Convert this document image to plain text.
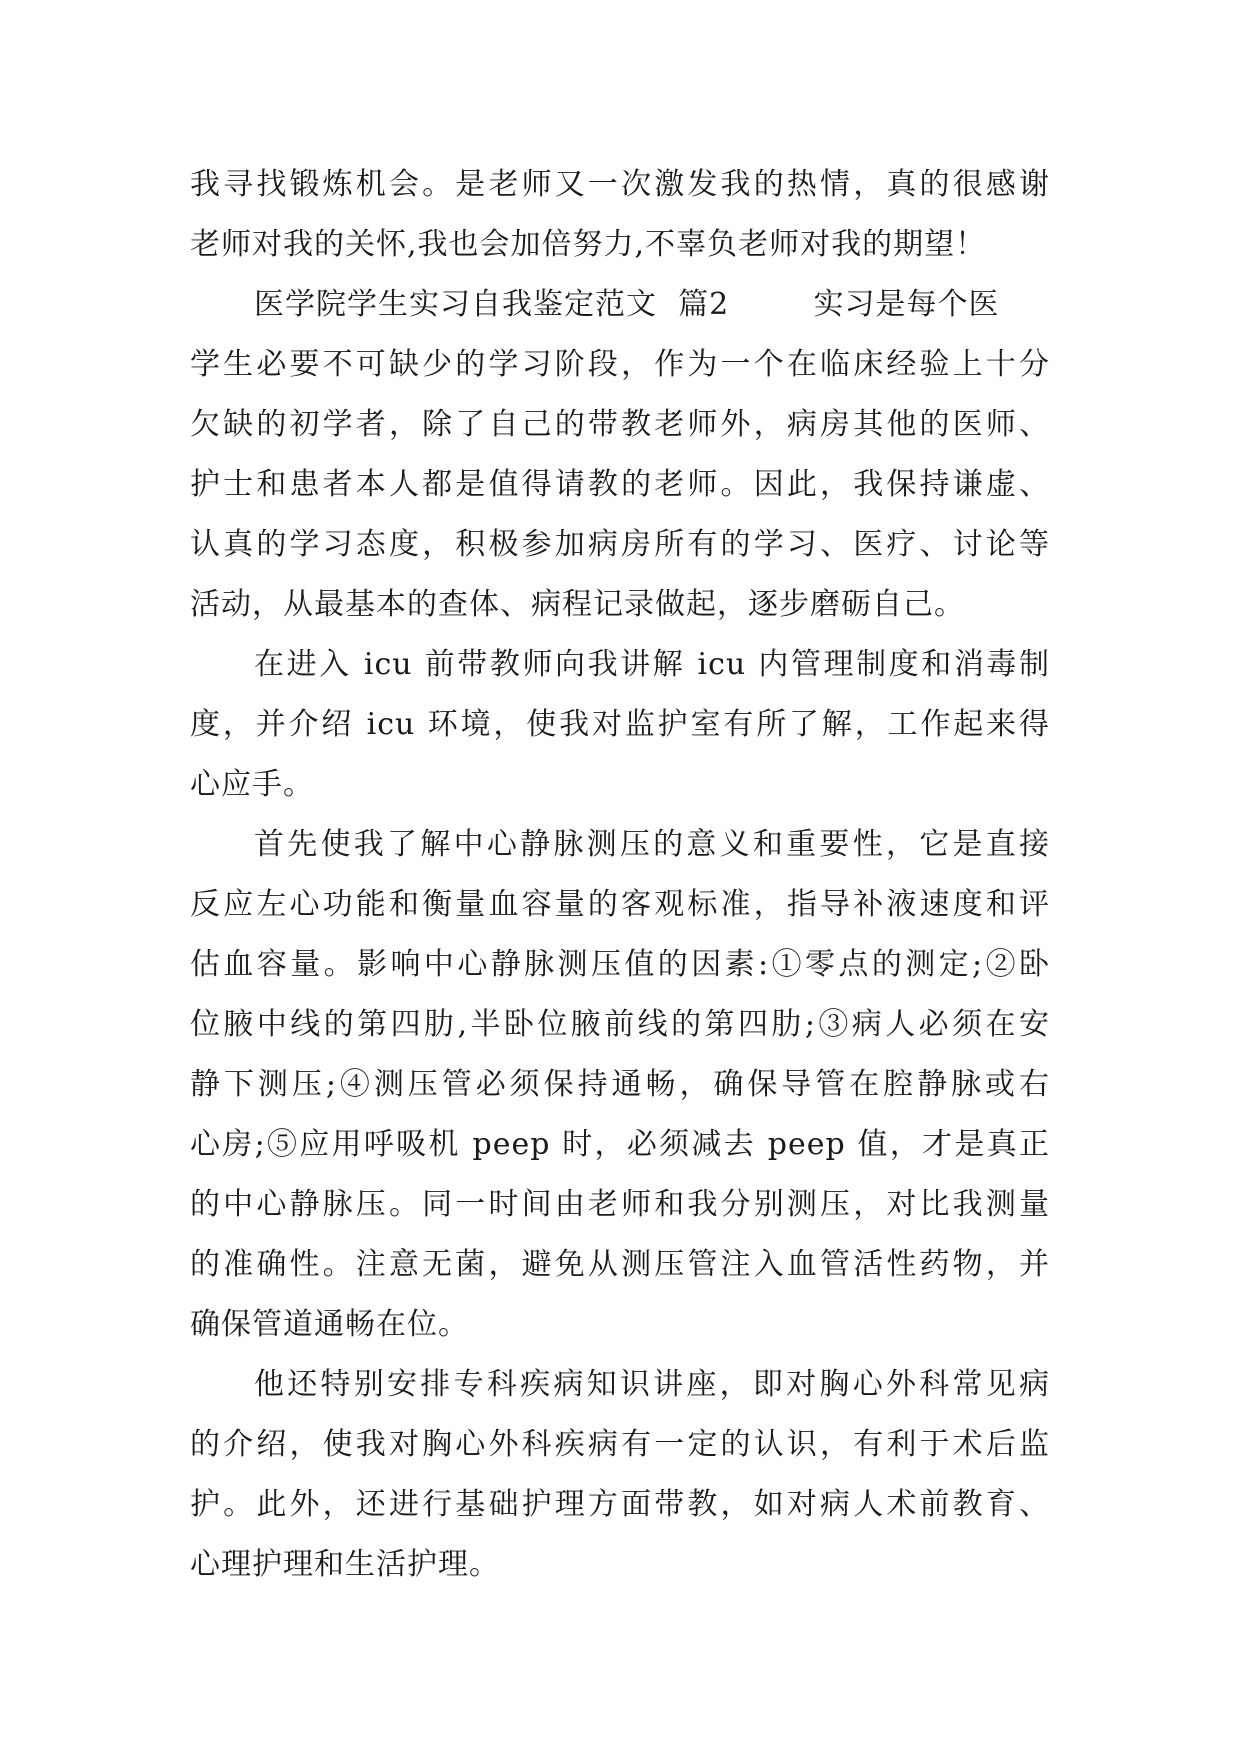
我寻找锻炼机会。是老师又一次激发我的热情，真的很感谢
老师对我的关怀,我也会加倍努力,不辜负老师对我的期望！
医学院学生实习自我鉴定范文  篇2        实习是每个医
学生必要不可缺少的学习阶段，作为一个在临床经验上十分
欠缺的初学者，除了自己的带教老师外，病房其他的医师、
护士和患者本人都是值得请教的老师。因此，我保持谦虚、
认真的学习态度，积极参加病房所有的学习、医疗、讨论等
活动，从最基本的查体、病程记录做起，逐步磨砺自己。
在进入 icu 前带教师向我讲解 icu 内管理制度和消毒制
度，并介绍 icu 环境，使我对监护室有所了解，工作起来得
心应手。
首先使我了解中心静脉测压的意义和重要性，它是直接
反应左心功能和衡量血容量的客观标准，指导补液速度和评
估血容量。影响中心静脉测压值的因素:①零点的测定;②卧
位腋中线的第四肋,半卧位腋前线的第四肋;③病人必须在安
静下测压;④测压管必须保持通畅，确保导管在腔静脉或右
心房;⑤应用呼吸机 peep 时，必须减去 peep 值，才是真正
的中心静脉压。同一时间由老师和我分别测压，对比我测量
的准确性。注意无菌，避免从测压管注入血管活性药物，并
确保管道通畅在位。
他还特别安排专科疾病知识讲座，即对胸心外科常见病
的介绍，使我对胸心外科疾病有一定的认识，有利于术后监
护。此外，还进行基础护理方面带教，如对病人术前教育、
心理护理和生活护理。
